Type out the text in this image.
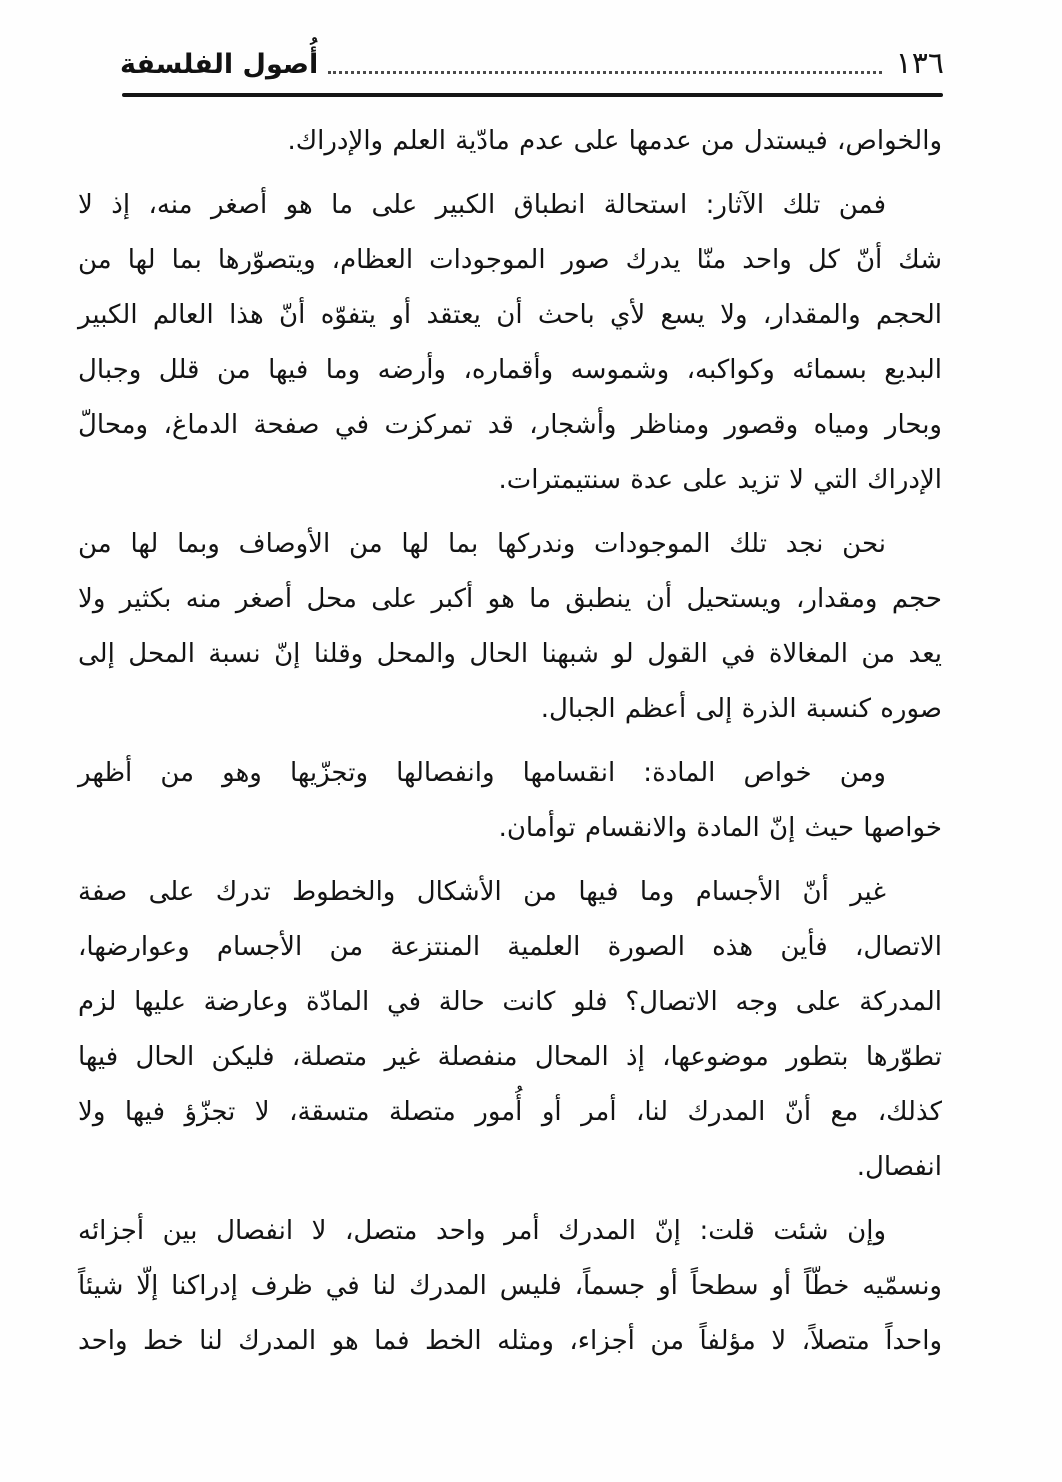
أُصول الفلسفة	١٣٦
والخواص، فيستدل من عدمها على عدم مادّية العلم والإدراك.
فمن تلك الآثار: استحالة انطباق الكبير على ما هو أصغر منه، إذ لا
شك أنّ كل واحد منّا يدرك صور الموجودات العظام، ويتصوّرها بما لها من
الحجم والمقدار، ولا يسع لأي باحث أن يعتقد أو يتفوّه أنّ هذا العالم الكبير
البديع بسمائه وكواكبه، وشموسه وأقماره، وأرضه وما فيها من قلل وجبال
وبحار ومياه وقصور ومناظر وأشجار، قد تمركزت في صفحة الدماغ، ومحالّ
الإدراك التي لا تزيد على عدة سنتيمترات.
نحن نجد تلك الموجودات وندركها بما لها من الأوصاف وبما لها من
حجم ومقدار، ويستحيل أن ينطبق ما هو أكبر على محل أصغر منه بكثير ولا
يعد من المغالاة في القول لو شبهنا الحال والمحل وقلنا إنّ نسبة المحل إلى
صوره كنسبة الذرة إلى أعظم الجبال.
ومن خواص المادة: انقسامها وانفصالها وتجزّيها وهو من أظهر
خواصها حيث إنّ المادة والانقسام توأمان.
غير أنّ الأجسام وما فيها من الأشكال والخطوط تدرك على صفة
الاتصال، فأين هذه الصورة العلمية المنتزعة من الأجسام وعوارضها،
المدركة على وجه الاتصال؟ فلو كانت حالة في المادّة وعارضة عليها لزم
تطوّرها بتطور موضوعها، إذ المحال منفصلة غير متصلة، فليكن الحال فيها
كذلك، مع أنّ المدرك لنا، أمر أو أُمور متصلة متسقة، لا تجزّؤ فيها ولا
انفصال.
وإن شئت قلت: إنّ المدرك أمر واحد متصل، لا انفصال بين أجزائه
ونسمّيه خطّاً أو سطحاً أو جسماً، فليس المدرك لنا في ظرف إدراكنا إلّا شيئاً
واحداً متصلاً، لا مؤلفاً من أجزاء، ومثله الخط فما هو المدرك لنا خط واحد
